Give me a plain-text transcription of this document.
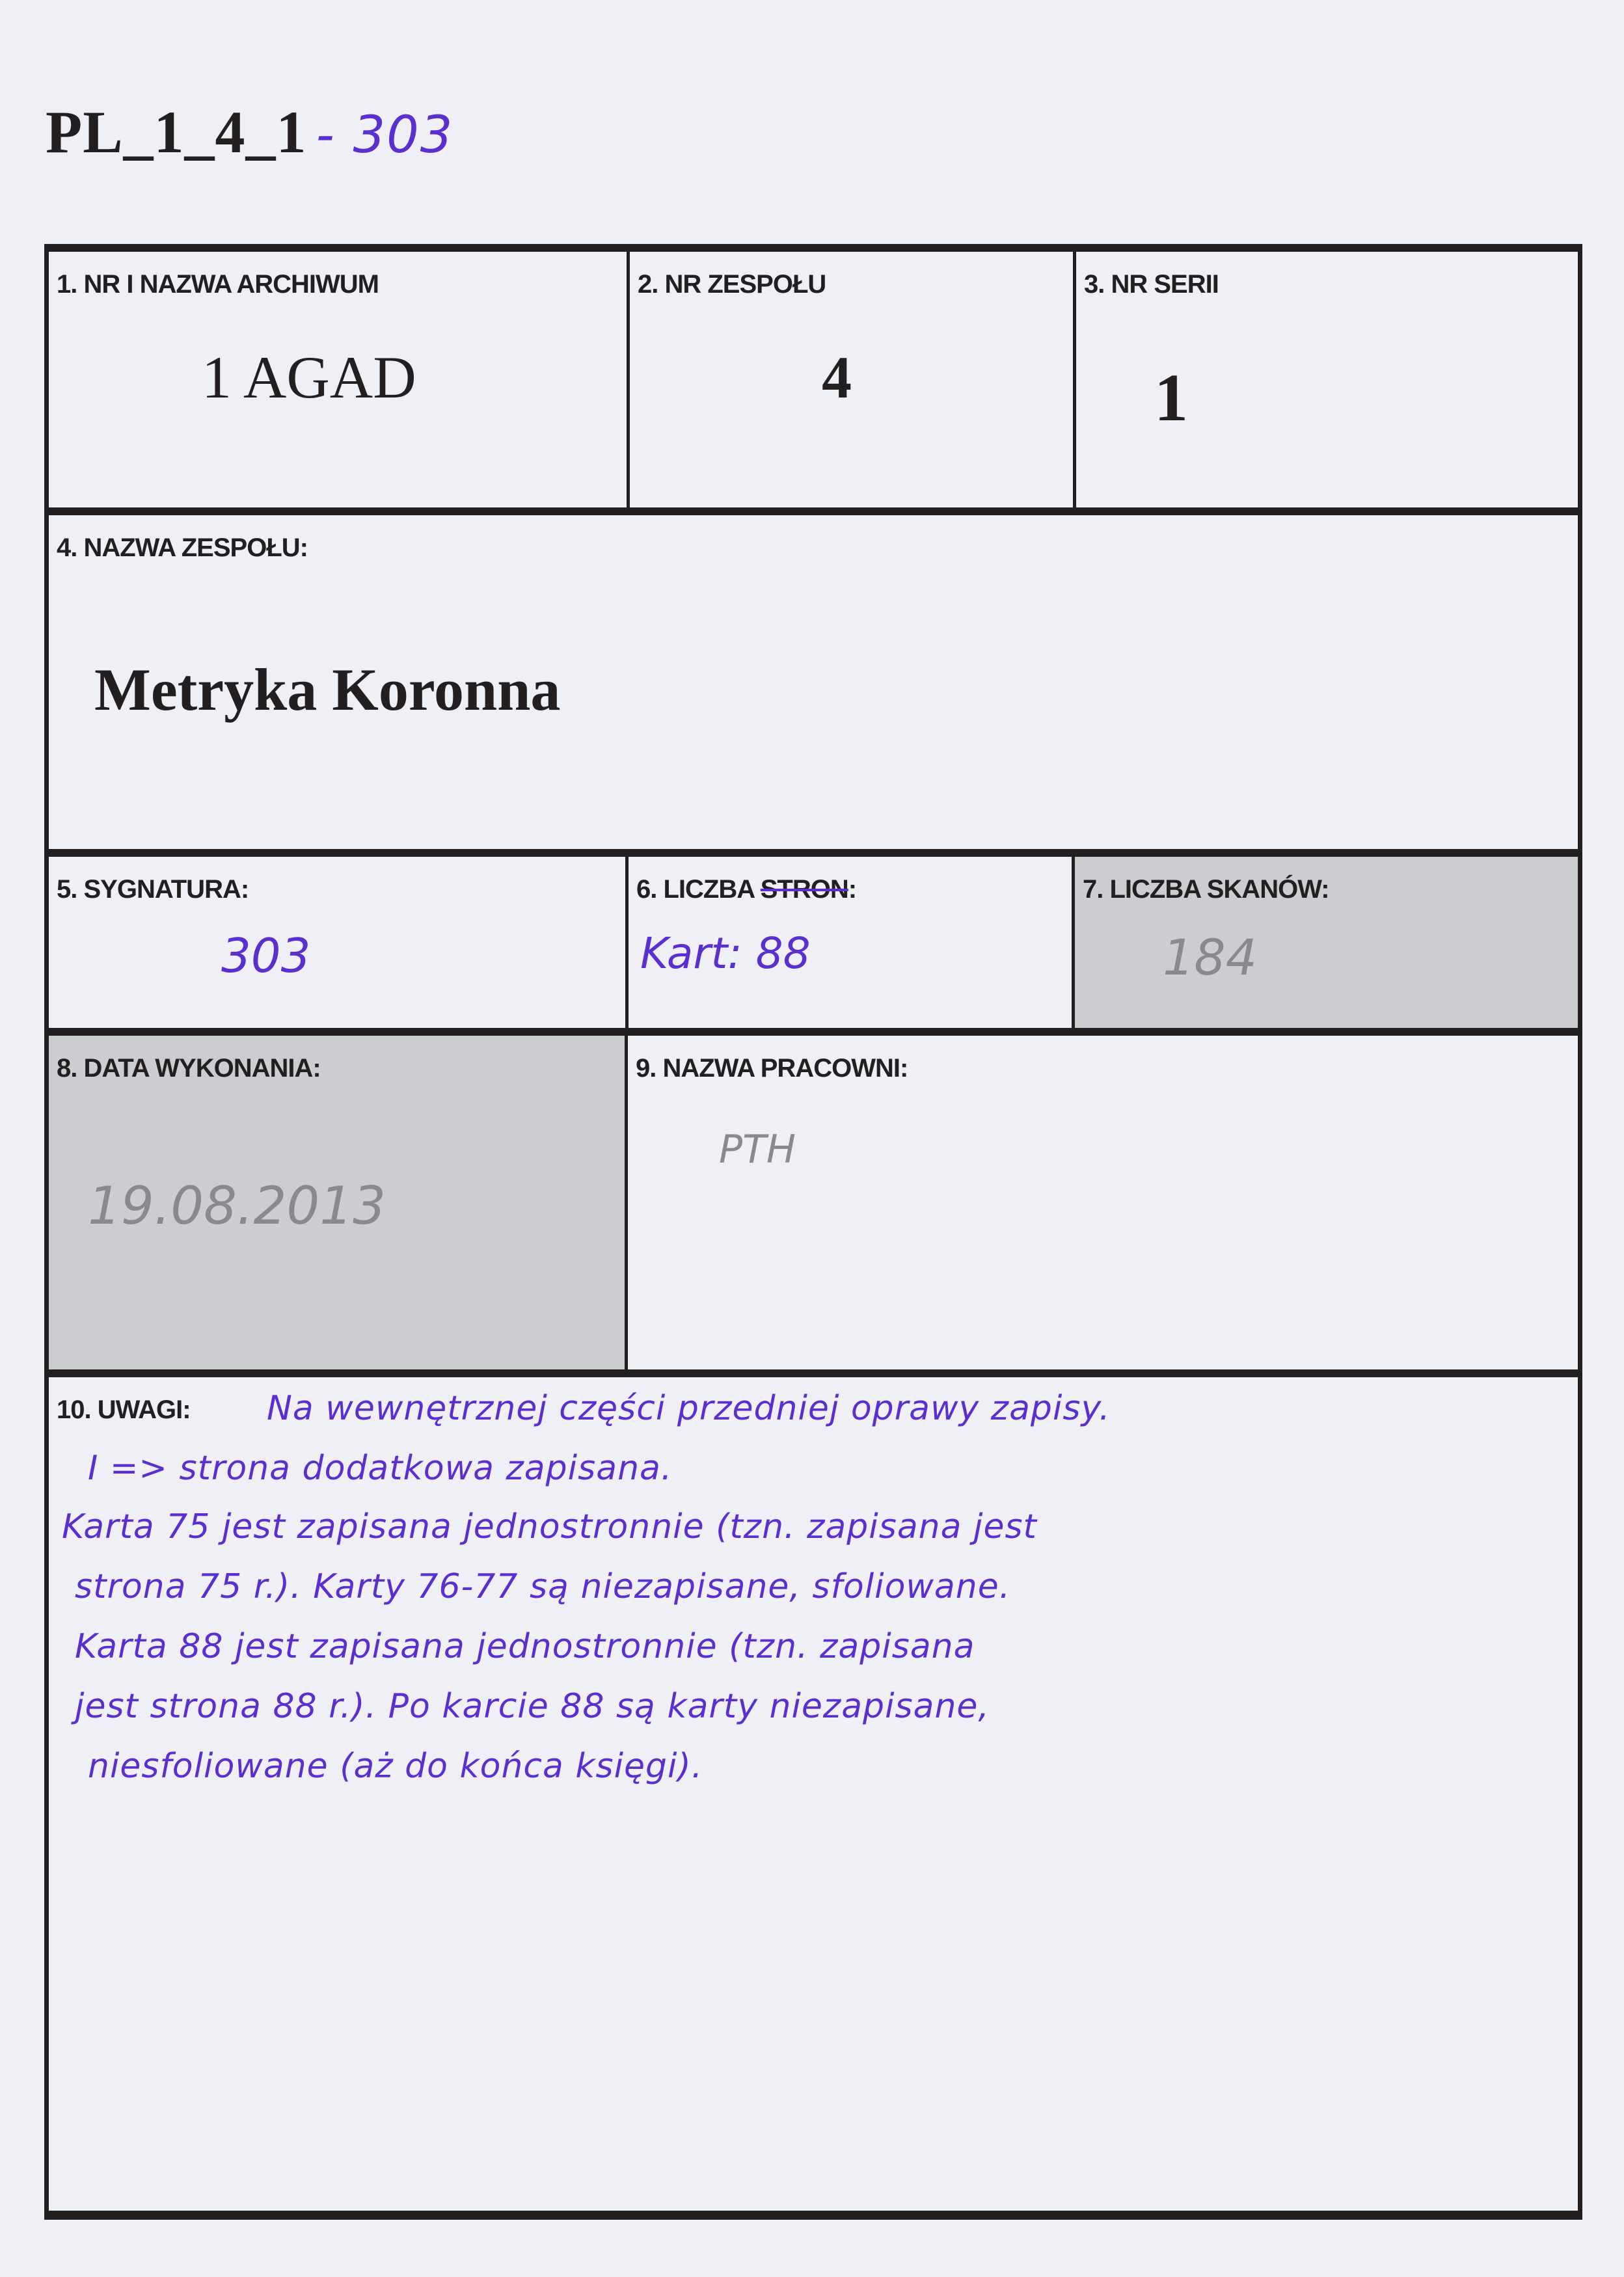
PL_1_4_1 - 303
1. NR I NAZWA ARCHIWUM
1 AGAD
2. NR ZESPOŁU
4
3. NR SERII
1
4. NAZWA ZESPOŁU:
Metryka Koronna
5. SYGNATURA:
303
6. LICZBA STRON:
Kart: 88
7. LICZBA SKANÓW:
184
8. DATA WYKONANIA:
19.08.2013
9. NAZWA PRACOWNI:
PTH
10. UWAGI: Na wewnętrznej części przedniej oprawy zapisy.
I => strona dodatkowa zapisana.
Karta 75 jest zapisana jednostronnie (tzn. zapisana jest
strona 75 r.). Karty 76-77 są niezapisane, sfoliowane.
Karta 88 jest zapisana jednostronnie (tzn. zapisana
jest strona 88 r.). Po karcie 88 są karty niezapisane,
niesfoliowane (aż do końca księgi).
